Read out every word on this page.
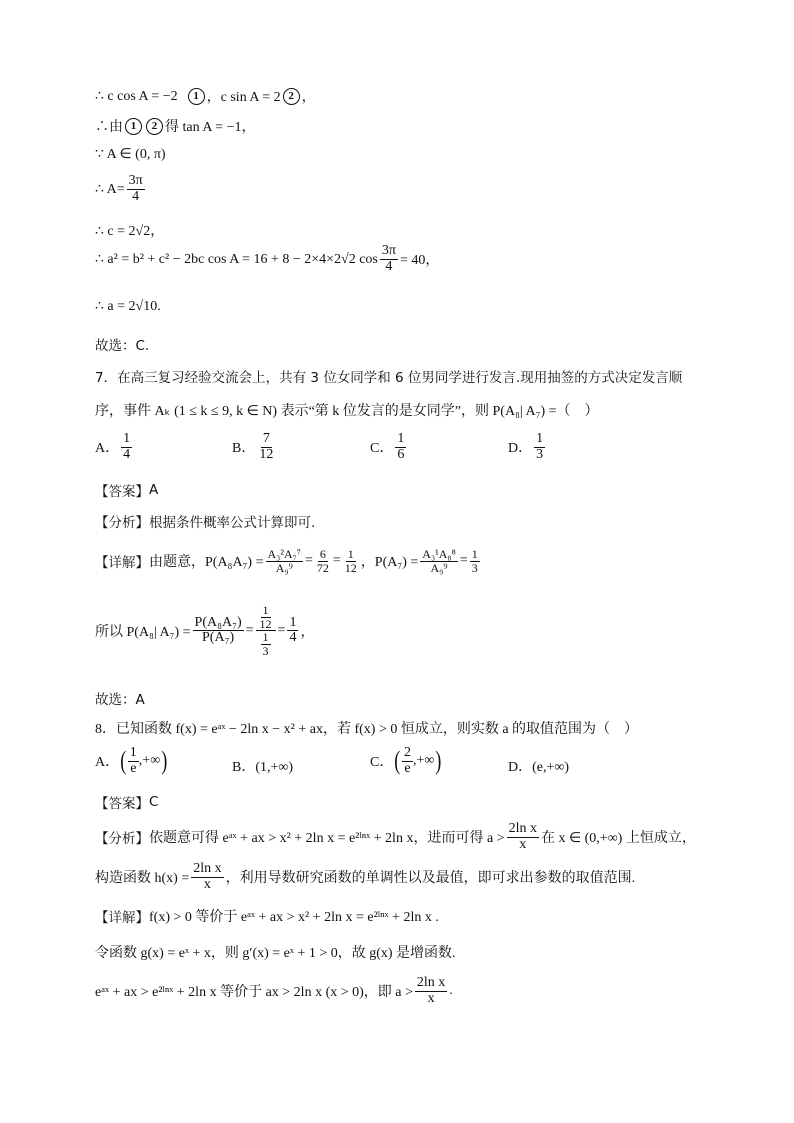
∴ c cos A = −2	1 ，c sin A = 2 2 ，
∴由 1	2 得 tan A = −1，
∵ A ∈ (0, π)
∴ $A= \frac{3\pi}{4}$
∴ c = 2√2，
∴ a² = b² + c² − 2bc cos A = 16 + 8 − 2×4×2√2 $\cos \frac{3\pi}{4} = 40$，
∴ a = 2√10.
故选：C.
7．在高三复习经验交流会上，共有 3 位女同学和 6 位男同学进行发言.现用抽签的方式决定发言顺
序，事件 Aₖ (1 ≤ k ≤ 9, k ∈ N) 表示“第 k 位发言的是女同学”，则 P(A₈| A₇) =（　）
A． $\frac{1}{4}$	B． $\frac{7}{12}$	C． $\frac{1}{6}$	D． $\frac{1}{3}$
【答案】 A
【分析】 根据条件概率公式计算即可.
【详解】 由题意，$P(A_8A_7) = \frac{\text{A₃²A₇⁷}}{\text{A₉⁹}} = \frac{6}{72} = \frac{1}{12}$ ，$P(A_7) = \frac{\text{A₃¹A₈⁸}}{\text{A₉⁹}} = \frac{1}{3}$
所以 P(A₈| $A_7) = \frac{\text{P(A₈A₇)}}{\text{P(A₇)}} = \frac{\frac{1}{12}}{\frac{1}{3}} = \frac{1}{4}$ ，
故选：A
8．已知函数 f(x) = eᵃˣ − 2ln x − x² + ax，若 f(x) > 0 恒成立，则实数 a 的取值范围为（　）
A． ( $\frac{1}{e}$ ,+∞ )	B．(1,+∞)	C． ( $\frac{2}{e}$ ,+∞ )	D．(e,+∞)
【答案】 C
【分析】 依题意可得 eᵃˣ + ax > x² + 2ln x = e²ˡⁿˣ + 2ln x，进而可得 $a > \frac{\text{2ln x}}{x}$ 在 x ∈ (0,+∞) 上恒成立，
构造函数 $h(x) = \frac{\text{2ln x}}{x}$ ，利用导数研究函数的单调性以及最值，即可求出参数的取值范围.
【详解】 f(x) > 0 等价于 eᵃˣ + ax > x² + 2ln x = e²ˡⁿˣ + 2ln x .
令函数 g(x) = eˣ + x，则 g′(x) = eˣ + 1 > 0，故 g(x) 是增函数.
eᵃˣ + ax > e²ˡⁿˣ + 2ln x 等价于 ax > 2ln x (x > 0)，即 $a > \frac{\text{2ln x}}{x}$ .
